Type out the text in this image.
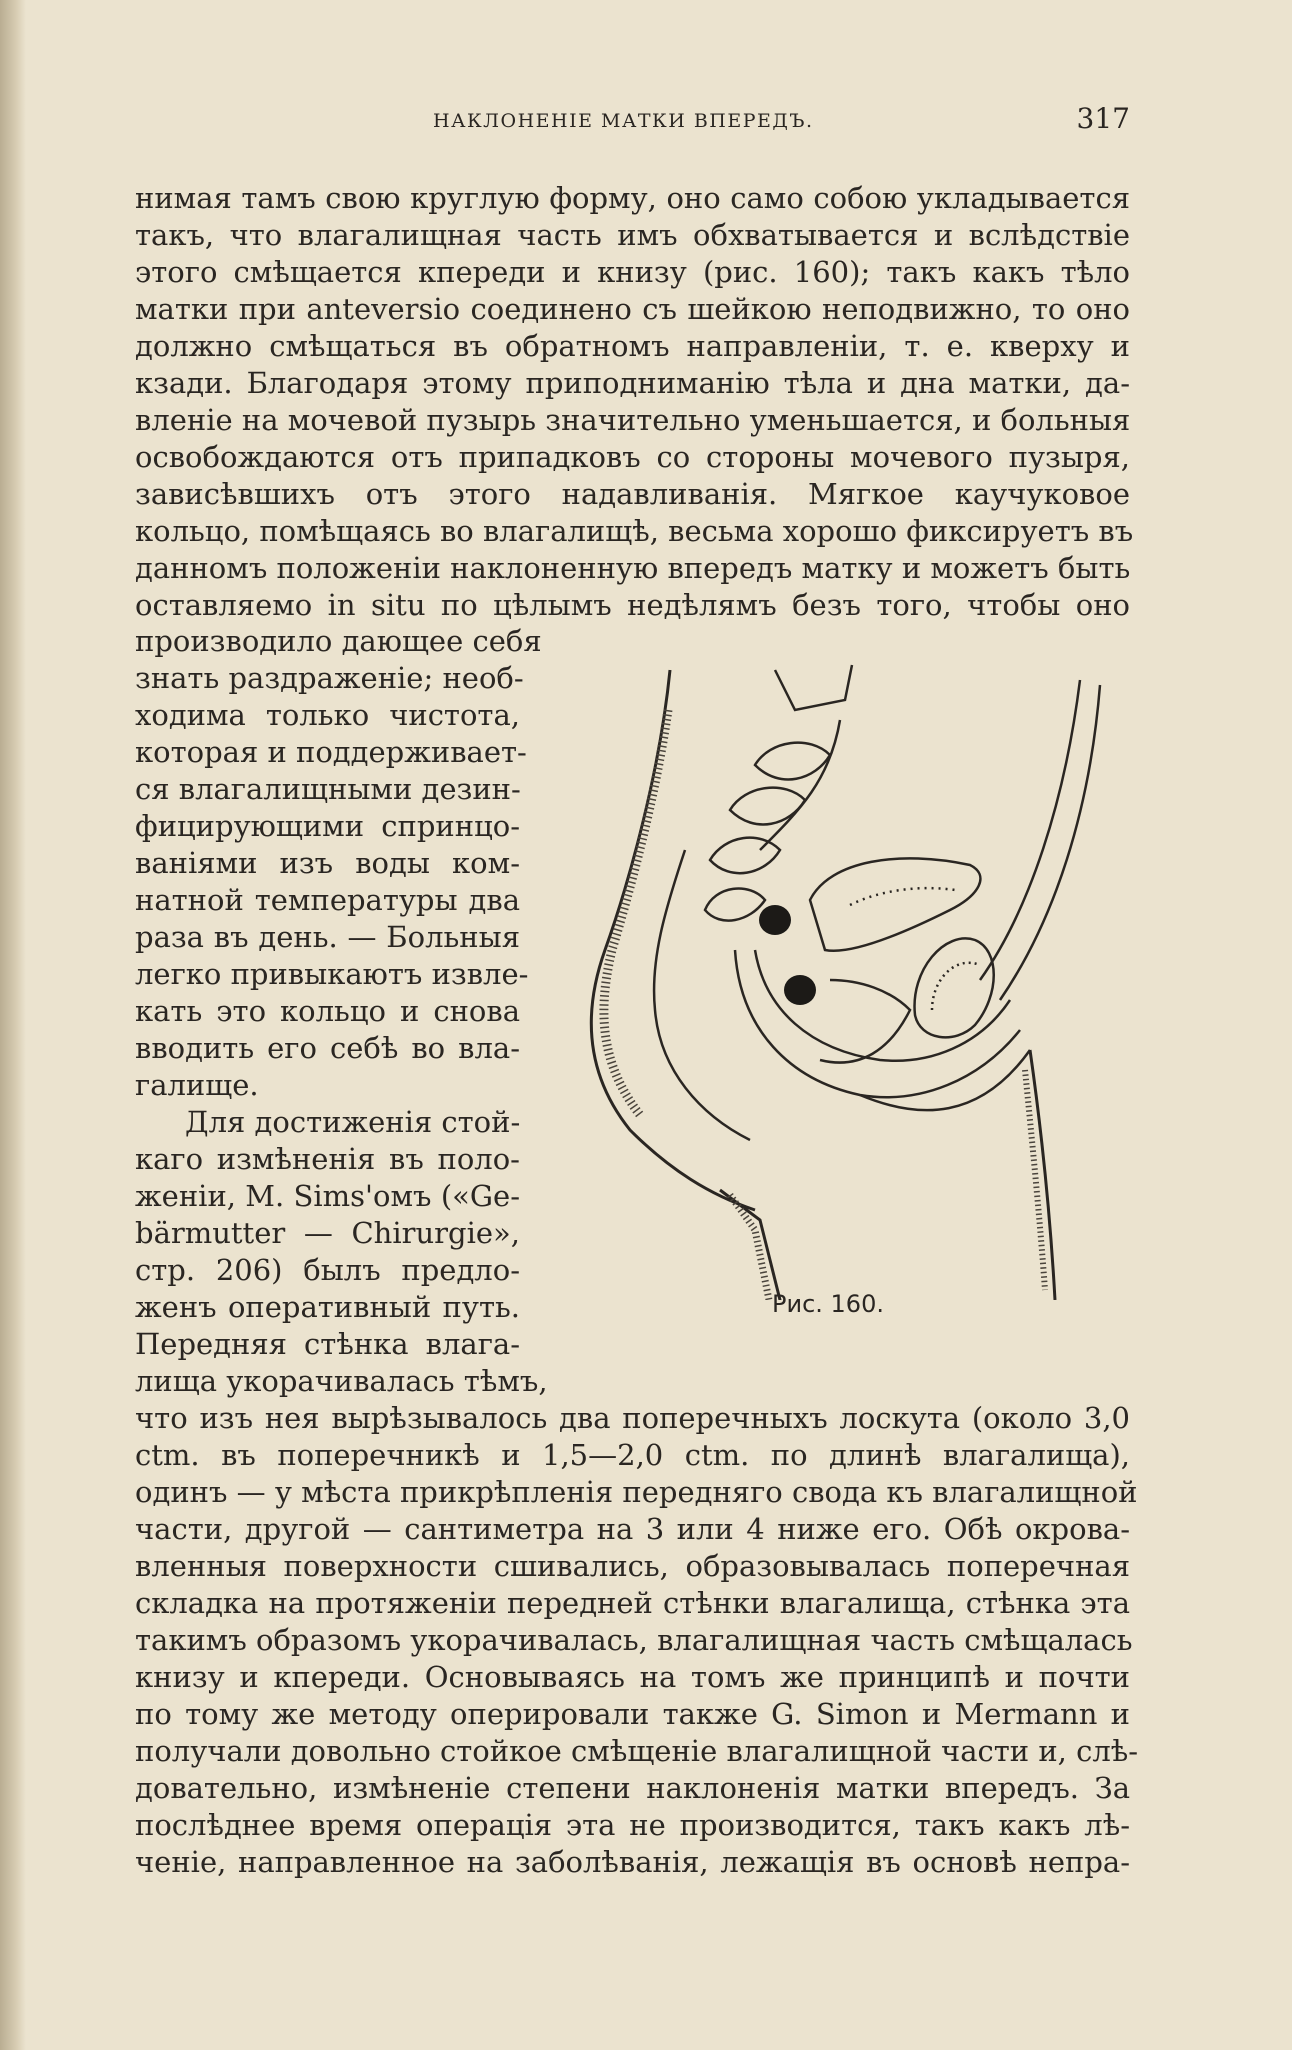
НАКЛОНЕНІЕ МАТКИ ВПЕРЕДЪ.	317
нимая тамъ свою круглую форму, оно само собою укладывается
такъ, что влагалищная часть имъ обхватывается и вслѣдствіе
этого смѣщается кпереди и книзу (рис. 160); такъ какъ тѣло
матки при anteversio соединено съ шейкою неподвижно, то оно
должно смѣщаться въ обратномъ направленіи, т. е. кверху и
кзади. Благодаря этому приподниманію тѣла и дна матки, да-
вленіе на мочевой пузырь значительно уменьшается, и больныя
освобождаются отъ припадковъ со стороны мочевого пузыря,
зависѣвшихъ отъ этого надавливанія. Мягкое каучуковое
кольцо, помѣщаясь во влагалищѣ, весьма хорошо фиксируетъ въ
данномъ положеніи наклоненную впередъ матку и можетъ быть
оставляемо in situ по цѣлымъ недѣлямъ безъ того, чтобы оно
производило дающее себя
знать раздраженіе; необ-
ходима только чистота,
которая и поддерживает-
ся влагалищными дезин-
фицирующими спринцо-
ваніями изъ воды ком-
натной температуры два
раза въ день. — Больныя
легко привыкаютъ извле-
кать это кольцо и снова
вводить его себѣ во вла-
галище.
Для достиженія стой-
каго измѣненія въ поло-
женіи, M. Sims'омъ («Ge-
bärmutter — Chirurgie»,
стр. 206) былъ предло-
женъ оперативный путь.
Передняя стѣнка влага-
лища укорачивалась тѣмъ,
Рис. 160.
что изъ нея вырѣзывалось два поперечныхъ лоскута (около 3,0
ctm. въ поперечникѣ и 1,5—2,0 ctm. по длинѣ влагалища),
одинъ — у мѣста прикрѣпленія передняго свода къ влагалищной
части, другой — сантиметра на 3 или 4 ниже его. Обѣ окрова-
вленныя поверхности сшивались, образовывалась поперечная
складка на протяженіи передней стѣнки влагалища, стѣнка эта
такимъ образомъ укорачивалась, влагалищная часть смѣщалась
книзу и кпереди. Основываясь на томъ же принципѣ и почти
по тому же методу оперировали также G. Simon и Mermann и
получали довольно стойкое смѣщеніе влагалищной части и, слѣ-
довательно, измѣненіе степени наклоненія матки впередъ. За
послѣднее время операція эта не производится, такъ какъ лѣ-
ченіе, направленное на заболѣванія, лежащія въ основѣ непра-
